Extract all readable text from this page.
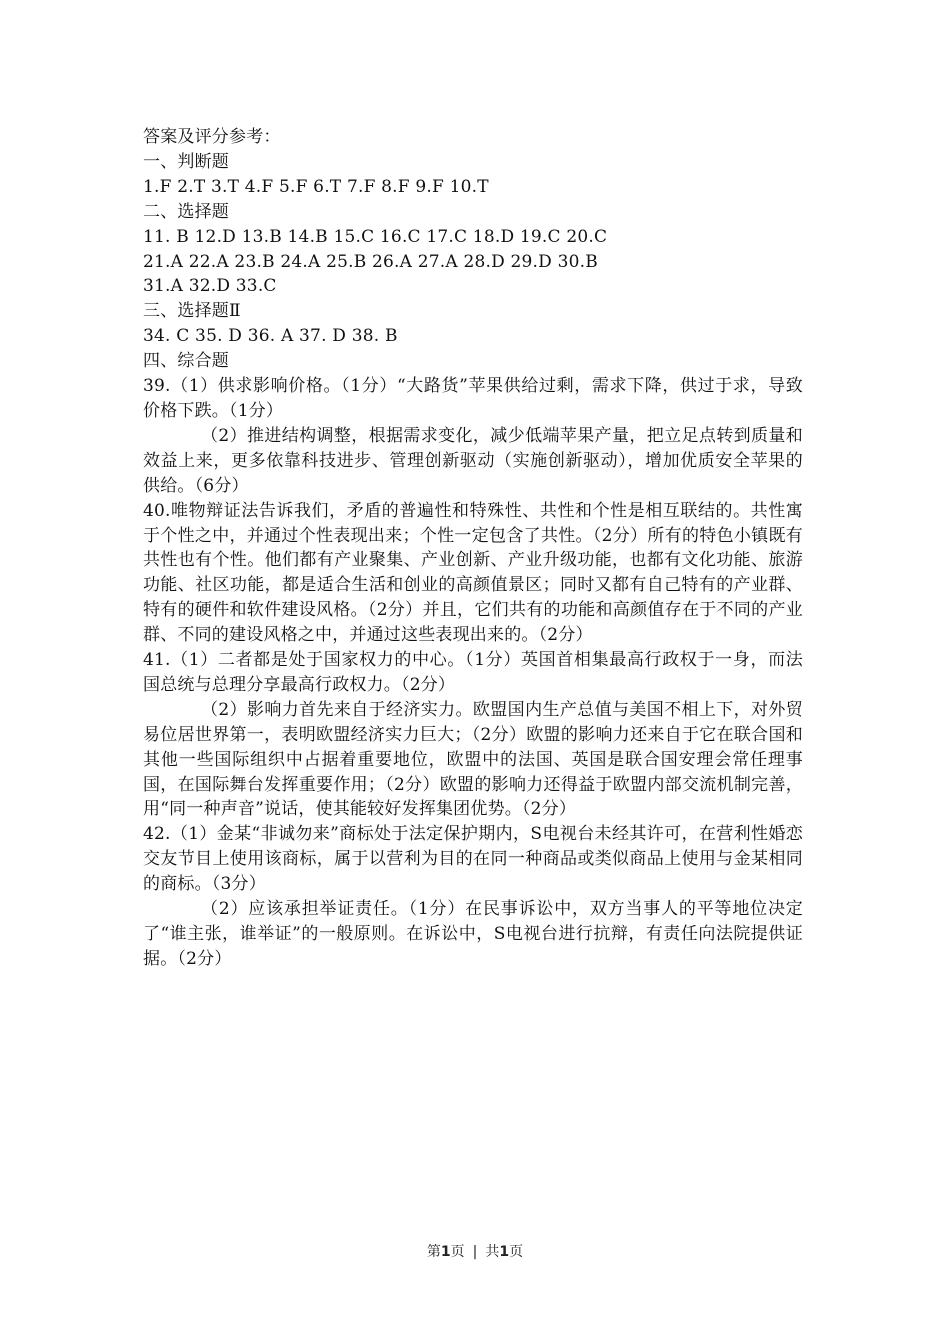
答案及评分参考：
一、判断题
1.F 2.T 3.T 4.F 5.F 6.T 7.F 8.F 9.F 10.T
二、选择题
11. B 12.D 13.B 14.B 15.C 16.C 17.C 18.D 19.C 20.C
21.A 22.A 23.B 24.A 25.B 26.A 27.A 28.D 29.D 30.B
31.A 32.D 33.C
三、选择题Ⅱ
34. C 35. D 36. A 37. D 38. B
四、综合题
39.（1）供求影响价格。（1分）“大路货”苹果供给过剩，需求下降，供过于求，导致价格下跌。（1分）
（2）推进结构调整，根据需求变化，减少低端苹果产量，把立足点转到质量和效益上来，更多依靠科技进步、管理创新驱动（实施创新驱动），增加优质安全苹果的供给。（6分）
40.唯物辩证法告诉我们，矛盾的普遍性和特殊性、共性和个性是相互联结的。共性寓于个性之中，并通过个性表现出来；个性一定包含了共性。（2分）所有的特色小镇既有共性也有个性。他们都有产业聚集、产业创新、产业升级功能，也都有文化功能、旅游功能、社区功能，都是适合生活和创业的高颜值景区；同时又都有自己特有的产业群、特有的硬件和软件建设风格。（2分）并且，它们共有的功能和高颜值存在于不同的产业群、不同的建设风格之中，并通过这些表现出来的。（2分）
41.（1）二者都是处于国家权力的中心。（1分）英国首相集最高行政权于一身，而法国总统与总理分享最高行政权力。（2分）
（2）影响力首先来自于经济实力。欧盟国内生产总值与美国不相上下，对外贸易位居世界第一，表明欧盟经济实力巨大；（2分）欧盟的影响力还来自于它在联合国和其他一些国际组织中占据着重要地位，欧盟中的法国、英国是联合国安理会常任理事国，在国际舞台发挥重要作用；（2分）欧盟的影响力还得益于欧盟内部交流机制完善，用“同一种声音”说话，使其能较好发挥集团优势。（2分）
42.（1）金某“非诚勿来”商标处于法定保护期内，S电视台未经其许可，在营利性婚恋交友节目上使用该商标，属于以营利为目的在同一种商品或类似商品上使用与金某相同的商标。（3分）
（2）应该承担举证责任。（1分）在民事诉讼中，双方当事人的平等地位决定了“谁主张，谁举证”的一般原则。在诉讼中，S电视台进行抗辩，有责任向法院提供证据。（2分）
第1页 | 共1页
